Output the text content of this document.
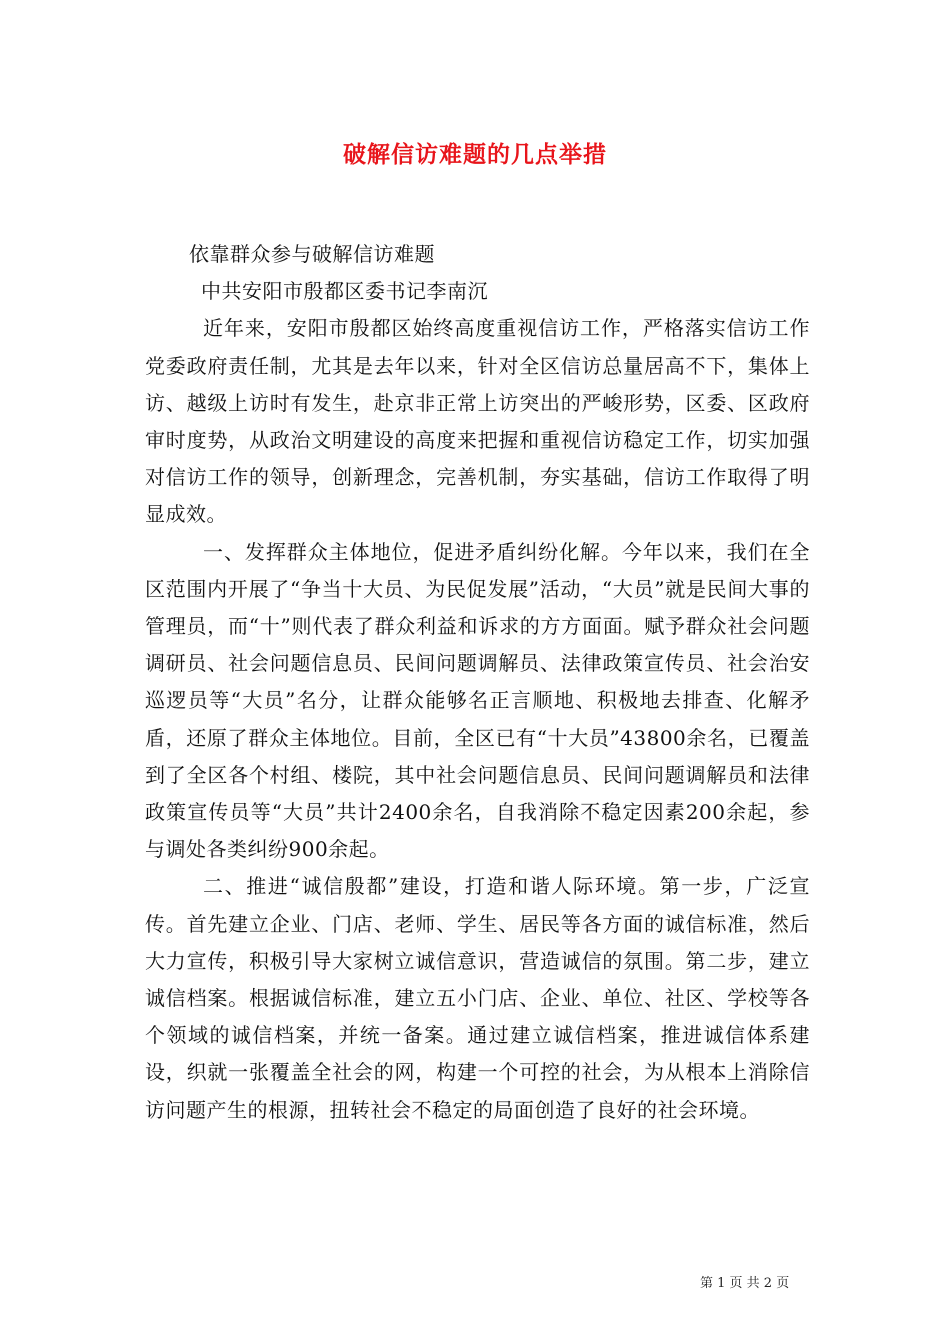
破解信访难题的几点举措

依靠群众参与破解信访难题

中共安阳市殷都区委书记李南沉

近年来，安阳市殷都区始终高度重视信访工作，严格落实信访工作党委政府责任制，尤其是去年以来，针对全区信访总量居高不下，集体上访、越级上访时有发生，赴京非正常上访突出的严峻形势，区委、区政府审时度势，从政治文明建设的高度来把握和重视信访稳定工作，切实加强对信访工作的领导，创新理念，完善机制，夯实基础，信访工作取得了明显成效。

一、发挥群众主体地位，促进矛盾纠纷化解。今年以来，我们在全区范围内开展了“争当十大员、为民促发展”活动，“大员”就是民间大事的管理员，而“十”则代表了群众利益和诉求的方方面面。赋予群众社会问题调研员、社会问题信息员、民间问题调解员、法律政策宣传员、社会治安巡逻员等“大员”名分，让群众能够名正言顺地、积极地去排查、化解矛盾，还原了群众主体地位。目前，全区已有“十大员”43800余名，已覆盖到了全区各个村组、楼院，其中社会问题信息员、民间问题调解员和法律政策宣传员等“大员”共计2400余名，自我消除不稳定因素200余起，参与调处各类纠纷900余起。

二、推进“诚信殷都”建设，打造和谐人际环境。第一步，广泛宣传。首先建立企业、门店、老师、学生、居民等各方面的诚信标准，然后大力宣传，积极引导大家树立诚信意识，营造诚信的氛围。第二步，建立诚信档案。根据诚信标准，建立五小门店、企业、单位、社区、学校等各个领域的诚信档案，并统一备案。通过建立诚信档案，推进诚信体系建设，织就一张覆盖全社会的网，构建一个可控的社会，为从根本上消除信访问题产生的根源，扭转社会不稳定的局面创造了良好的社会环境。

第 1 页 共 2 页
